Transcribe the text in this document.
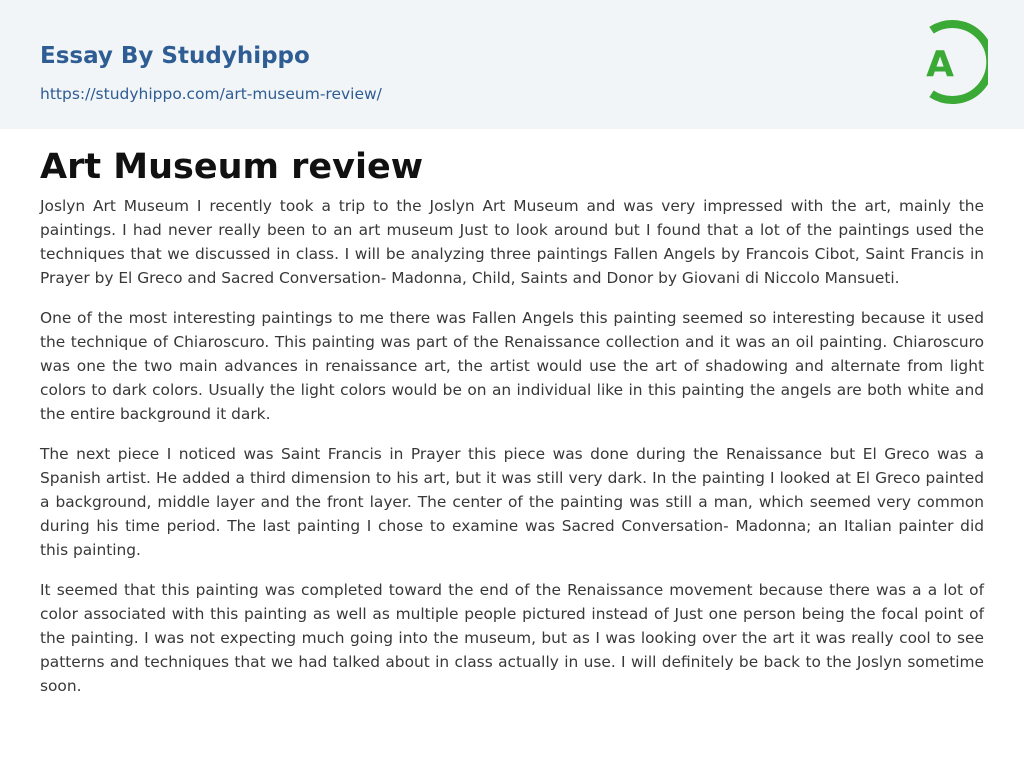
Essay By Studyhippo
https://studyhippo.com/art-museum-review/
A
Art Museum review

Joslyn Art Museum I recently took a trip to the Joslyn Art Museum and was very impressed with the art, mainly the paintings. I had never really been to an art museum Just to look around but I found that a lot of the paintings used the techniques that we discussed in class. I will be analyzing three paintings Fallen Angels by Francois Cibot, Saint Francis in Prayer by El Greco and Sacred Conversation- Madonna, Child, Saints and Donor by Giovani di Niccolo Mansueti.

One of the most interesting paintings to me there was Fallen Angels this painting seemed so interesting because it used the technique of Chiaroscuro. This painting was part of the Renaissance collection and it was an oil painting. Chiaroscuro was one the two main advances in renaissance art, the artist would use the art of shadowing and alternate from light colors to dark colors. Usually the light colors would be on an individual like in this painting the angels are both white and the entire background it dark.

The next piece I noticed was Saint Francis in Prayer this piece was done during the Renaissance but El Greco was a Spanish artist. He added a third dimension to his art, but it was still very dark. In the painting I looked at El Greco painted a background, middle layer and the front layer. The center of the painting was still a man, which seemed very common during his time period. The last painting I chose to examine was Sacred Conversation- Madonna; an Italian painter did this painting.

It seemed that this painting was completed toward the end of the Renaissance movement because there was a a lot of color associated with this painting as well as multiple people pictured instead of Just one person being the focal point of the painting. I was not expecting much going into the museum, but as I was looking over the art it was really cool to see patterns and techniques that we had talked about in class actually in use. I will definitely be back to the Joslyn sometime soon.
